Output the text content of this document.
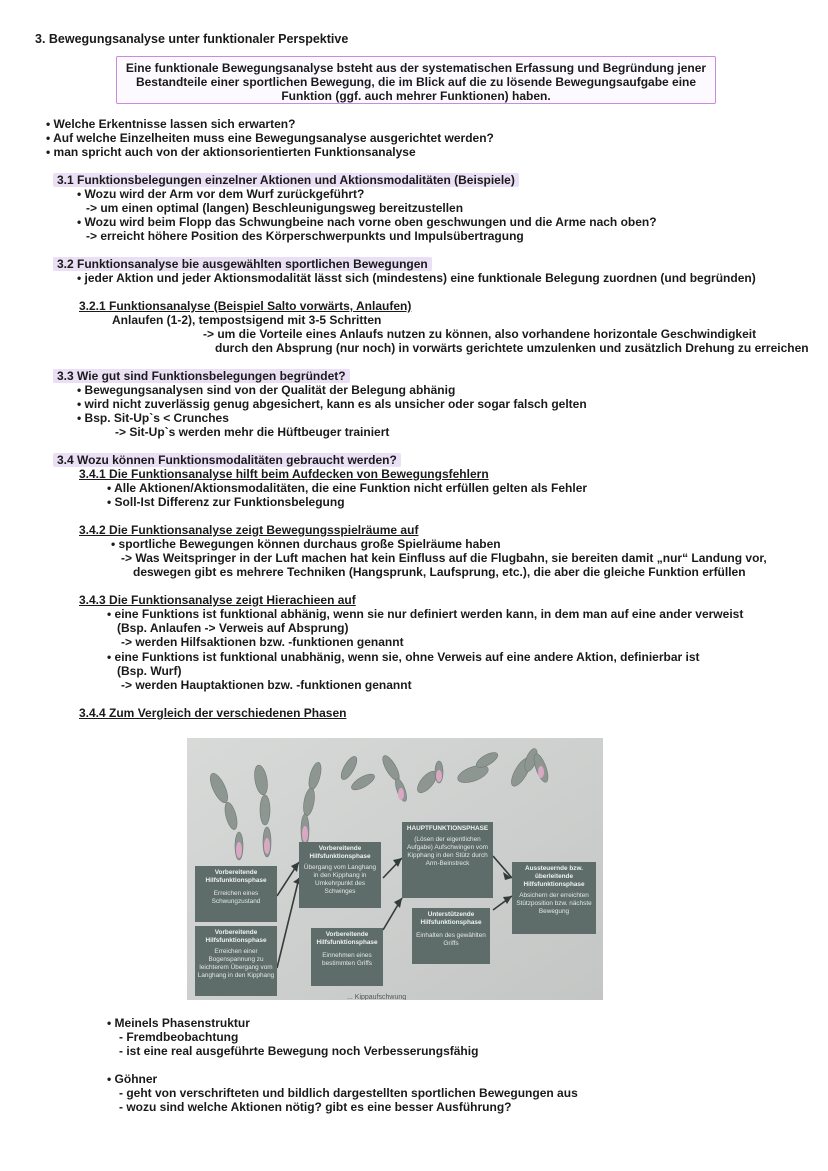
3. Bewegungsanalyse unter funktionaler Perspektive
Eine funktionale Bewegungsanalyse bsteht aus der systematischen Erfassung und Begründung jener
Bestandteile einer sportlichen Bewegung, die im Blick auf die zu lösende Bewegungsaufgabe eine
Funktion (ggf. auch mehrer Funktionen) haben.
• Welche Erkentnisse lassen sich erwarten?
• Auf welche Einzelheiten muss eine Bewegungsanalyse ausgerichtet werden?
• man spricht auch von der aktionsorientierten Funktionsanalyse
3.1 Funktionsbelegungen einzelner Aktionen und Aktionsmodalitäten (Beispiele)
• Wozu wird der Arm vor dem Wurf zurückgeführt?
-> um einen optimal (langen) Beschleunigungsweg bereitzustellen
• Wozu wird beim Flopp das Schwungbeine nach vorne oben geschwungen und die Arme nach oben?
-> erreicht höhere Position des Körperschwerpunkts und Impulsübertragung
3.2 Funktionsanalyse bie ausgewählten sportlichen Bewegungen
• jeder Aktion und jeder Aktionsmodalität lässt sich (mindestens) eine funktionale Belegung zuordnen (und begründen)
3.2.1 Funktionsanalyse (Beispiel Salto vorwärts, Anlaufen)
Anlaufen (1-2), tempostsigend mit 3-5 Schritten
-> um die Vorteile eines Anlaufs nutzen zu können, also vorhandene horizontale Geschwindigkeit
durch den Absprung (nur noch) in vorwärts gerichtete umzulenken und zusätzlich Drehung zu erreichen
3.3 Wie gut sind Funktionsbelegungen begründet?
• Bewegungsanalysen sind von der Qualität der Belegung abhänig
• wird nicht zuverlässig genug abgesichert, kann es als unsicher oder sogar falsch gelten
• Bsp. Sit-Up`s < Crunches
-> Sit-Up`s werden mehr die Hüftbeuger trainiert
3.4 Wozu können Funktionsmodalitäten gebraucht werden?
3.4.1 Die Funktionsanalyse hilft beim Aufdecken von Bewegungsfehlern
• Alle Aktionen/Aktionsmodalitäten, die eine Funktion nicht erfüllen gelten als Fehler
• Soll-Ist Differenz zur Funktionsbelegung
3.4.2 Die Funktionsanalyse zeigt Bewegungsspielräume auf
• sportliche Bewegungen können durchaus große Spielräume haben
-> Was Weitspringer in der Luft machen hat kein Einfluss auf die Flugbahn, sie bereiten damit „nur“ Landung vor,
deswegen gibt es mehrere Techniken (Hangsprunk, Laufsprung, etc.), die aber die gleiche Funktion erfüllen
3.4.3 Die Funktionsanalyse zeigt Hierachieen auf
• eine Funktions ist funktional abhänig, wenn sie nur definiert werden kann, in dem man auf eine ander verweist
(Bsp. Anlaufen -> Verweis auf Absprung)
-> werden Hilfsaktionen bzw. -funktionen genannt
• eine Funktions ist funktional unabhänig, wenn sie, ohne Verweis auf eine andere Aktion, definierbar ist
(Bsp. Wurf)
-> werden Hauptaktionen bzw. -funktionen genannt
3.4.4 Zum Vergleich der verschiedenen Phasen
Vorbereitende Hilfsfunktionsphase
Erreichen eines Schwungzustand
Vorbereitende Hilfsfunktionsphase
Erreichen einer Bogenspannung zu leichterem Übergang vom Langhang in den Kipphang
Vorbereitende Hilfsfunktionsphase
Übergang vom Langhang in den Kipphang in Umkehrpunkt des Schwinges
Vorbereitende Hilfsfunktionsphase
Einnehmen eines bestimmten Griffs
HAUPTFUNKTIONSPHASE
(Lösen der eigentlichen Aufgabe) Aufschwingen vom Kipphang in den Stütz durch Arm-Beinstreck
Unterstützende Hilfsfunktionsphase
Einhalten des gewählten Griffs
Aussteuernde bzw. überleitende Hilfsfunktionsphase
Absichern der erreichten Stützposition bzw. nächste Bewegung
... Kippaufschwung
• Meinels Phasenstruktur
- Fremdbeobachtung
- ist eine real ausgeführte Bewegung noch Verbesserungsfähig
• Göhner
- geht von verschrifteten und bildlich dargestellten sportlichen Bewegungen aus
- wozu sind welche Aktionen nötig? gibt es eine besser Ausführung?
